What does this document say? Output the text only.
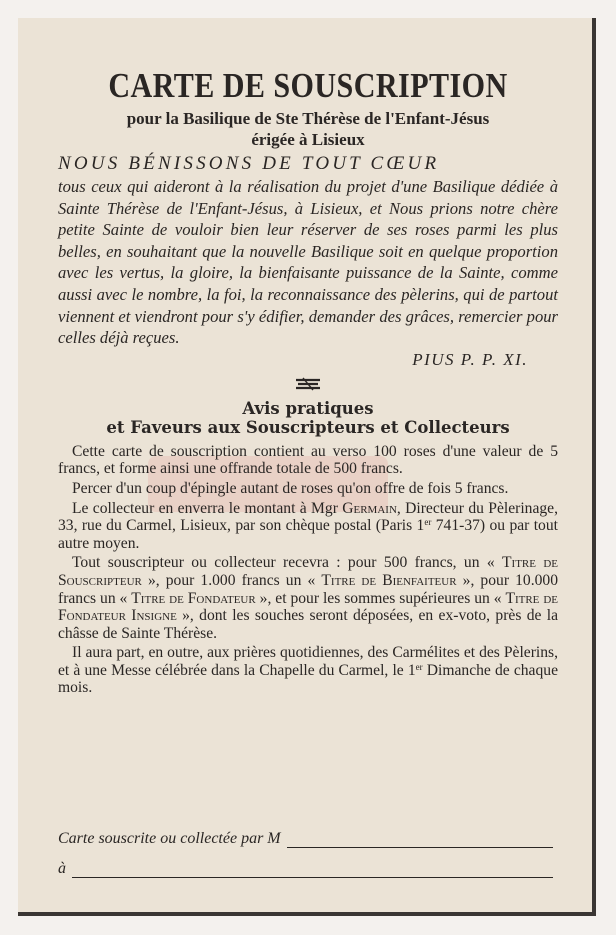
CARTE DE SOUSCRIPTION
pour la Basilique de Ste Thérèse de l'Enfant-Jésus
érigée à Lisieux
NOUS BÉNISSONS DE TOUT CŒUR
tous ceux qui aideront à la réalisation du projet d'une Basilique dédiée à Sainte Thérèse de l'Enfant-Jésus, à Lisieux, et Nous prions notre chère petite Sainte de vouloir bien leur réserver de ses roses parmi les plus belles, en souhaitant que la nouvelle Basilique soit en quelque proportion avec les vertus, la gloire, la bienfaisante puissance de la Sainte, comme aussi avec le nombre, la foi, la reconnaissance des pèlerins, qui de partout viennent et viendront pour s'y édifier, demander des grâces, remercier pour celles déjà reçues.
PIUS P. P. XI.
Avis pratiques
et Faveurs aux Souscripteurs et Collecteurs

Cette carte de souscription contient au verso 100 roses d'une valeur de 5 francs, et forme ainsi une offrande totale de 500 francs.

Percer d'un coup d'épingle autant de roses qu'on offre de fois 5 francs.

Le collecteur en enverra le montant à Mgr Germain, Directeur du Pèlerinage, 33, rue du Carmel, Lisieux, par son chèque postal (Paris 1er 741-37) ou par tout autre moyen.

Tout souscripteur ou collecteur recevra : pour 500 francs, un « Titre de Souscripteur », pour 1.000 francs un « Titre de Bienfaiteur », pour 10.000 francs un « Titre de Fondateur », et pour les sommes supérieures un « Titre de Fondateur Insigne », dont les souches seront déposées, en ex-voto, près de la châsse de Sainte Thérèse.

Il aura part, en outre, aux prières quotidiennes, des Carmélites et des Pèlerins, et à une Messe célébrée dans la Chapelle du Carmel, le 1er Dimanche de chaque mois.

Carte souscrite ou collectée par M
à
